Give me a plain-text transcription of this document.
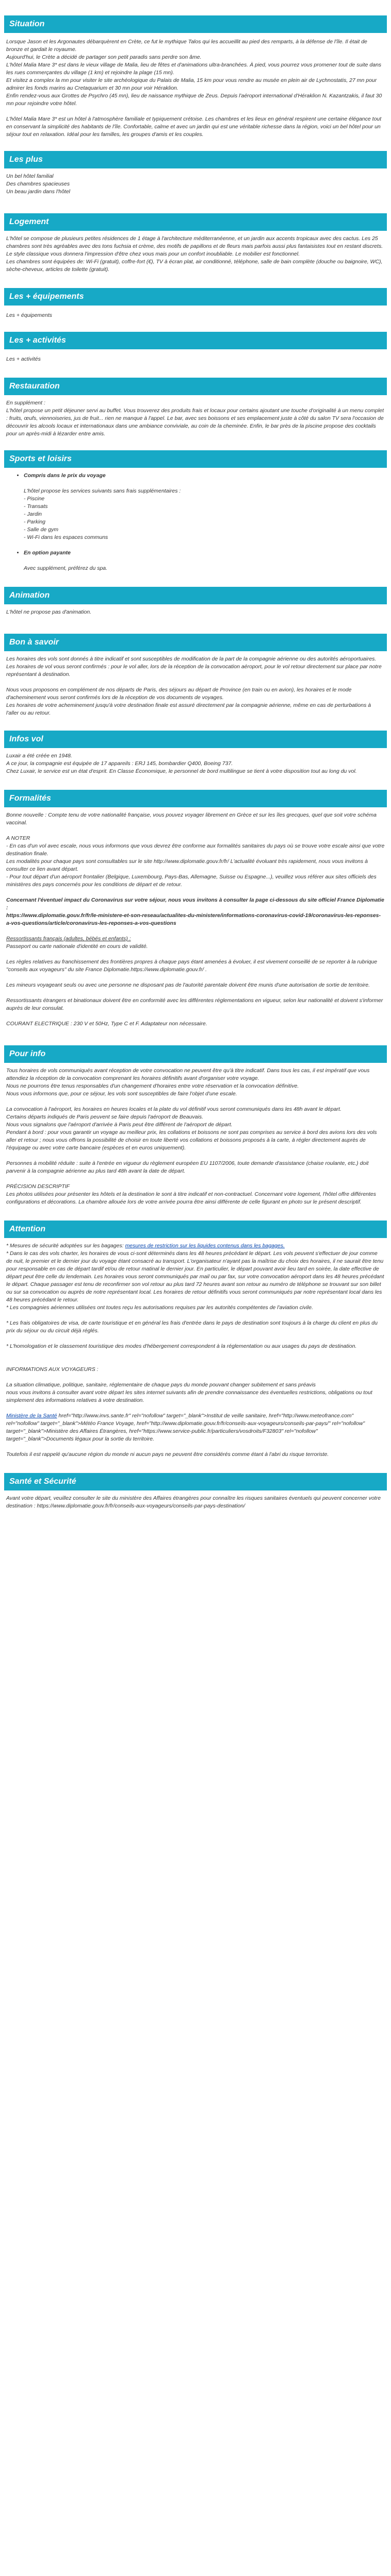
Situation

Lorsque Jason et les Argonautes débarquèrent en Crète, ce fut le mythique Talos qui les accueillit au pied des remparts, à la défense de l'île. Il était de bronze et gardait le royaume.

Aujourd'hui, le Crète a décidé de partager son petit paradis sans perdre son âme.

L'hôtel Malia Mare 3* est dans le vieux village de Malia, lieu de fêtes et d'animations ultra-branchées. À pied, vous pourrez vous promener tout de suite dans les rues commerçantes du village (1 km) et rejoindre la plage (15 mn).

Et visitez a complex la mn pour visiter le site archéologique du Palais de Malia, 15 km pour vous rendre au musée en plein air de Lychnostatis, 27 mn pour admirer les fonds marins au Cretaquarium et 30 mn pour voir Héraklion.

Enfin rendez-vous aux Grottes de Psychro (45 mn), lieu de naissance mythique de Zeus. Depuis l'aéroport international d'Héraklion N. Kazantzakis, il faut 30 mn pour rejoindre votre hôtel.

L'hôtel Malia Mare 3* est un hôtel à l'atmosphère familiale et typiquement crétoise. Les chambres et les lieux en général respirent une certaine élégance tout en conservant la simplicité des habitants de l'île. Confortable, calme et avec un jardin qui est une véritable richesse dans la région, voici un bel hôtel pour un séjour tout en relaxation. Idéal pour les familles, les groupes d'amis et les couples.

Les plus

Un bel hôtel familial

Des chambres spacieuses

Un beau jardin dans l'hôtel

Logement

L'hôtel se compose de plusieurs petites résidences de 1 étage à l'architecture méditerranéenne, et un jardin aux accents tropicaux avec des cactus. Les 25 chambres sont très agréables avec des tons fuchsia et crème, des motifs de papillons et de fleurs mais parfois aussi plus fantaisistes tout en restant discrets. Le style classique vous donnera l'impression d'être chez vous mais pour un confort inoubliable. Le mobilier est fonctionnel.

Les chambres sont équipées de: Wi-Fi (gratuit), coffre-fort (€), TV à écran plat, air conditionné, téléphone, salle de bain complète (douche ou baignoire, WC), sèche-cheveux, articles de toilette (gratuit).

Les + équipements

Les + équipements

Les + activités

Les + activités

Restauration

En supplément :

L'hôtel propose un petit déjeuner servi au buffet. Vous trouverez des produits frais et locaux pour certains ajoutant une touche d'originalité à un menu complet : fruits, œufs, viennoiseries, jus de fruit... rien ne manque à l'appel. Le bar, avec ses boissons et ses emplacement juste à côté du salon TV sera l'occasion de découvrir les alcools locaux et internationaux dans une ambiance conviviale, au coin de la cheminée. Enfin, le bar près de la piscine propose des cocktails pour un après-midi à lézarder entre amis.

Sports et loisirs
• Compris dans le prix du voyage

L'hôtel propose les services suivants sans frais supplémentaires :

- Piscine

- Transats

- Jardin

- Parking

- Salle de gym

- Wi-Fi dans les espaces communs

• En option payante

Avec supplément, préférez du spa.

Animation

L'hôtel ne propose pas d'animation.

Bon à savoir

Les horaires des vols sont donnés à titre indicatif et sont susceptibles de modification de la part de la compagnie aérienne ou des autorités aéroportuaires.

Les horaires de vol vous seront confirmés : pour le vol aller, lors de la réception de la convocation aéroport, pour le vol retour directement sur place par notre représentant à destination.

Nous vous proposons en complément de nos départs de Paris, des séjours au départ de Province (en train ou en avion), les horaires et le mode d'acheminement vous seront confirmés lors de la réception de vos documents de voyages.

Les horaires de votre acheminement jusqu'à votre destination finale est assuré directement par la compagnie aérienne, même en cas de perturbations à l'aller ou au retour.

Infos vol

Luxair a été créée en 1948.

A ce jour, la compagnie est équipée de 17 appareils : ERJ 145, bombardier Q400, Boeing 737.

Chez Luxair, le service est un état d'esprit. En Classe Économique, le personnel de bord multilingue se tient à votre disposition tout au long du vol.

Formalités

Bonne nouvelle : Compte tenu de votre nationalité française, vous pouvez voyager librement en Grèce et sur les îles grecques, quel que soit votre schéma vaccinal.

A NOTER

- En cas d'un vol avec escale, nous vous informons que vous devrez être conforme aux formalités sanitaires du pays où se trouve votre escale ainsi que votre destination finale.

Les modalités pour chaque pays sont consultables sur le site http://www.diplomatie.gouv.fr/fr/ L'actualité évoluant très rapidement, nous vous invitons à consulter ce lien avant départ.

- Pour tout départ d'un aéroport frontalier (Belgique, Luxembourg, Pays-Bas, Allemagne, Suisse ou Espagne...), veuillez vous référer aux sites officiels des ministères des pays concernés pour les conditions de départ et de retour.

Concernant l'éventuel impact du Coronavirus sur votre séjour, nous vous invitons à consulter la page ci-dessous du site officiel France Diplomatie :

https://www.diplomatie.gouv.fr/fr/le-ministere-et-son-reseau/actualites-du-ministere/informations-coronavirus-covid-19/coronavirus-les-reponses-a-vos-questions/article/coronavirus-les-reponses-a-vos-questions

Ressortissants français (adultes, bébés et enfants) :

Passeport ou carte nationale d'identité en cours de validité.

Les règles relatives au franchissement des frontières propres à chaque pays étant amenées à évoluer, il est vivement conseillé de se reporter à la rubrique "conseils aux voyageurs" du site France Diplomatie.https://www.diplomatie.gouv.fr/ .

Les mineurs voyageant seuls ou avec une personne ne disposant pas de l'autorité parentale doivent être munis d'une autorisation de sortie de territoire.

Ressortissants étrangers et binationaux doivent être en conformité avec les différentes réglementations en vigueur, selon leur nationalité et doivent s'informer auprès de leur consulat.

COURANT ELECTRIQUE : 230 V et 50Hz, Type C et F. Adaptateur non nécessaire.

Pour info

Tous horaires de vols communiqués avant réception de votre convocation ne peuvent être qu'à titre indicatif. Dans tous les cas, il est impératif que vous attendiez la réception de la convocation comprenant les horaires définitifs avant d'organiser votre voyage.

Nous ne pourrons être tenus responsables d'un changement d'horaires entre votre réservation et la convocation définitive.

Nous vous informons que, pour ce séjour, les vols sont susceptibles de faire l'objet d'une escale.

La convocation à l'aéroport, les horaires en heures locales et la plate du vol définitif vous seront communiqués dans les 48h avant le départ.

Certains départs indiqués de Paris peuvent se faire depuis l'aéroport de Beauvais.

Nous vous signalons que l'aéroport d'arrivée à Paris peut être différent de l'aéroport de départ.

Pendant à bord : pour vous garantir un voyage au meilleur prix, les collations et boissons ne sont pas comprises au service à bord des avions lors des vols aller et retour ; nous vous offrons la possibilité de choisir en toute liberté vos collations et boissons proposés à la carte, à régler directement auprès de l'équipage ou avec votre carte bancaire (espèces et en euros uniquement).

Personnes à mobilité réduite : suite à l'entrée en vigueur du règlement européen EU 1107/2006, toute demande d'assistance (chaise roulante, etc.) doit parvenir à la compagnie aérienne au plus tard 48h avant la date de départ.

PRÉCISION DESCRIPTIF

Les photos utilisées pour présenter les hôtels et la destination le sont à titre indicatif et non-contractuel. Concernant votre logement, l'hôtel offre différentes configurations et décorations. La chambre allouée lors de votre arrivée pourra être ainsi différente de celle figurant en photo sur le présent descriptif.

Attention

* Mesures de sécurité adoptées sur les bagages: mesures de restriction sur les liquides contenus dans les bagages.

* Dans le cas des vols charter, les horaires de vous ci-sont déterminés dans les 48 heures précédant le départ. Les vols peuvent s'effectuer de jour comme de nuit, le premier et le dernier jour du voyage étant consacré au transport. L'organisateur n'ayant pas la maîtrise du choix des horaires, il ne saurait être tenu pour responsable en cas de départ tardif et/ou de retour matinal le dernier jour. En particulier, le départ pouvant avoir lieu tard en soirée, la date effective de départ peut être celle du lendemain. Les horaires vous seront communiqués par mail ou par fax, sur votre convocation aéroport dans les 48 heures précédant le départ. Chaque passager est tenu de reconfirmer son vol retour au plus tard 72 heures avant son retour au numéro de téléphone se trouvant sur son billet ou sur sa convocation ou auprès de notre représentant local. Les horaires de retour définitifs vous seront communiqués par notre représentant local dans les 48 heures précédant le retour.

* Les compagnies aériennes utilisées ont toutes reçu les autorisations requises par les autorités compétentes de l'aviation civile.

* Les frais obligatoires de visa, de carte touristique et en général les frais d'entrée dans le pays de destination sont toujours à la charge du client en plus du prix du séjour ou du circuit déjà réglés.

* L'homologation et le classement touristique des modes d'hébergement correspondent à la réglementation ou aux usages du pays de destination.

INFORMATIONS AUX VOYAGEURS :

La situation climatique, politique, sanitaire, réglementaire de chaque pays du monde pouvant changer subitement et sans préavis

nous vous invitons à consulter avant votre départ les sites internet suivants afin de prendre connaissance des éventuelles restrictions, obligations ou tout simplement des informations relatives à votre destination.

Ministère de la Santé href="http://www.invs.sante.fr" rel="nofollow" target="_blank">Institut de veille sanitaire, href="http://www.meteofrance.com" rel="nofollow" target="_blank">Météo France Voyage, href="http://www.diplomatie.gouv.fr/fr/conseils-aux-voyageurs/conseils-par-pays/" rel="nofollow" target="_blank">Ministère des Affaires Étrangères, href="https://www.service-public.fr/particuliers/vosdroits/F32803" rel="nofollow" target="_blank">Documents légaux pour la sortie du territoire.

Toutefois il est rappelé qu'aucune région du monde ni aucun pays ne peuvent être considérés comme étant à l'abri du risque terroriste.

Santé et Sécurité

Avant votre départ, veuillez consulter le site du ministère des Affaires étrangères pour connaître les risques sanitaires éventuels qui peuvent concerner votre destination : https://www.diplomatie.gouv.fr/fr/conseils-aux-voyageurs/conseils-par-pays-destination/
